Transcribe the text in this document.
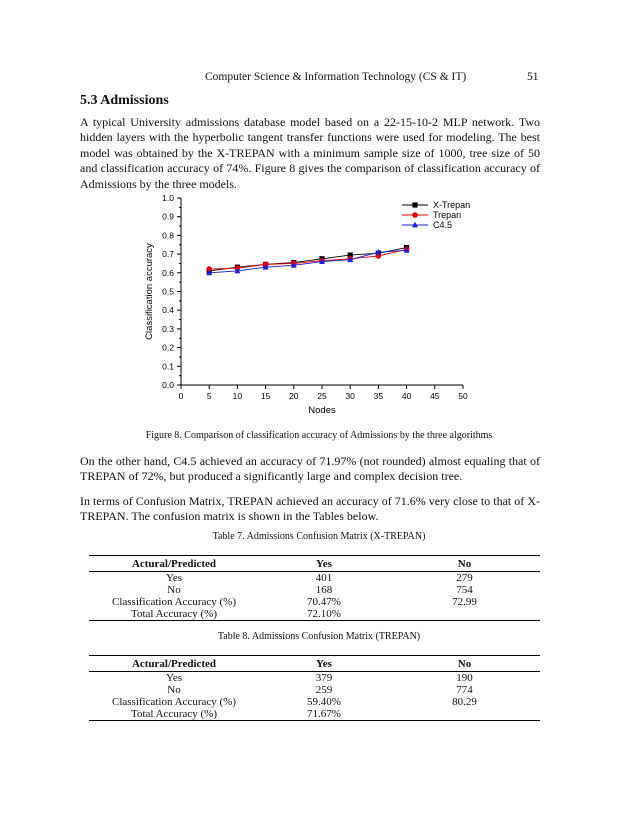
Computer Science & Information Technology (CS & IT)	51
5.3 Admissions

A typical University admissions database model based on a 22-15-10-2 MLP network. Two hidden layers with the hyperbolic tangent transfer functions were used for modeling. The best model was obtained by the X-TREPAN with a minimum sample size of 1000, tree size of 50 and classification accuracy of 74%. Figure 8 gives the comparison of classification accuracy of Admissions by the three models.

0.0
0.1
0.2
0.3
0.4
0.5
0.6
0.7
0.8
0.9
1.0
0	5 10 15 20 25 30 35 40 45 50
Nodes
Classification accuracy
X-Trepan
Trepan
C4.5
Figure 8. Comparison of classification accuracy of Admissions by the three algorithms

On the other hand, C4.5 achieved an accuracy of 71.97% (not rounded) almost equaling that of TREPAN of 72%, but produced a significantly large and complex decision tree.

In terms of Confusion Matrix, TREPAN achieved an accuracy of 71.6% very close to that of X-TREPAN. The confusion matrix is shown in the Tables below.

Table 7. Admissions Confusion Matrix (X-TREPAN)
Actural/Predicted	Yes	No
Yes	401	279
No	168	754
Classification Accuracy (%)	70.47%	72.99
Total Accuracy (%)	72.10%	
Table 8. Admissions Confusion Matrix (TREPAN)
Actural/Predicted	Yes	No
Yes	379	190
No	259	774
Classification Accuracy (%)	59.40%	80.29
Total Accuracy (%)	71.67%	
